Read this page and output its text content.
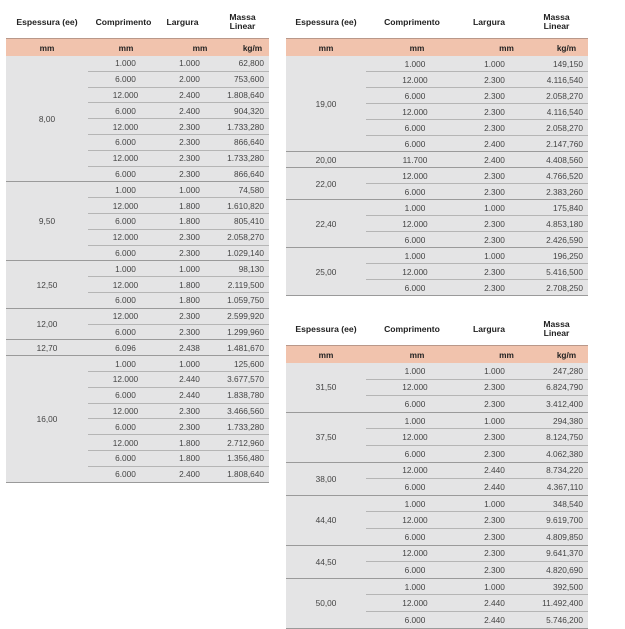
Espessura (e e )	Comprimento	Largura	Massa
Linear
mm	mm	mm	kg/m
8,00
1.000	1.000	62,800
6.000	2.000	753,600
12.000	2.400	1.808,640
6.000	2.400	904,320
12.000	2.300	1.733,280
6.000	2.300	866,640
12.000	2.300	1.733,280
6.000	2.300	866,640
9,50
1.000	1.000	74,580
12.000	1.800	1.610,820
6.000	1.800	805,410
12.000	2.300	2.058,270
6.000	2.300	1.029,140
12,50
1.000	1.000	98,130
12.000	1.800	2.119,500
6.000	1.800	1.059,750
12,00
12.000	2.300	2.599,920
6.000	2.300	1.299,960
12,70	6.096	2.438	1.481,670
16,00
1.000	1.000	125,600
12.000	2.440	3.677,570
6.000	2.440	1.838,780
12.000	2.300	3.466,560
6.000	2.300	1.733,280
12.000	1.800	2.712,960
6.000	1.800	1.356,480
6.000	2.400	1.808,640
Espessura (e e )	Comprimento	Largura	Massa
Linear
mm	mm	mm	kg/m
19,00
1.000	1.000	149,150
12.000	2.300	4.116,540
6.000	2.300	2.058,270
12.000	2.300	4.116,540
6.000	2.300	2.058,270
6.000	2.400	2.147,760
20,00	11.700	2.400	4.408,560
22,00
12.000	2.300	4.766,520
6.000	2.300	2.383,260
22,40
1.000	1.000	175,840
12.000	2.300	4.853,180
6.000	2.300	2.426,590
25,00
1.000	1.000	196,250
12.000	2.300	5.416,500
6.000	2.300	2.708,250
Espessura (e e )	Comprimento	Largura	Massa
Linear
mm	mm	mm	kg/m
31,50
1.000	1.000	247,280
12.000	2.300	6.824,790
6.000	2.300	3.412,400
37,50
1.000	1.000	294,380
12.000	2.300	8.124,750
6.000	2.300	4.062,380
38,00
12.000	2.440	8.734,220
6.000	2.440	4.367,110
44,40
1.000	1.000	348,540
12.000	2.300	9.619,700
6.000	2.300	4.809,850
44,50
12.000	2.300	9.641,370
6.000	2.300	4.820,690
50,00
1.000	1.000	392,500
12.000	2.440	11.492,400
6.000	2.440	5.746,200
